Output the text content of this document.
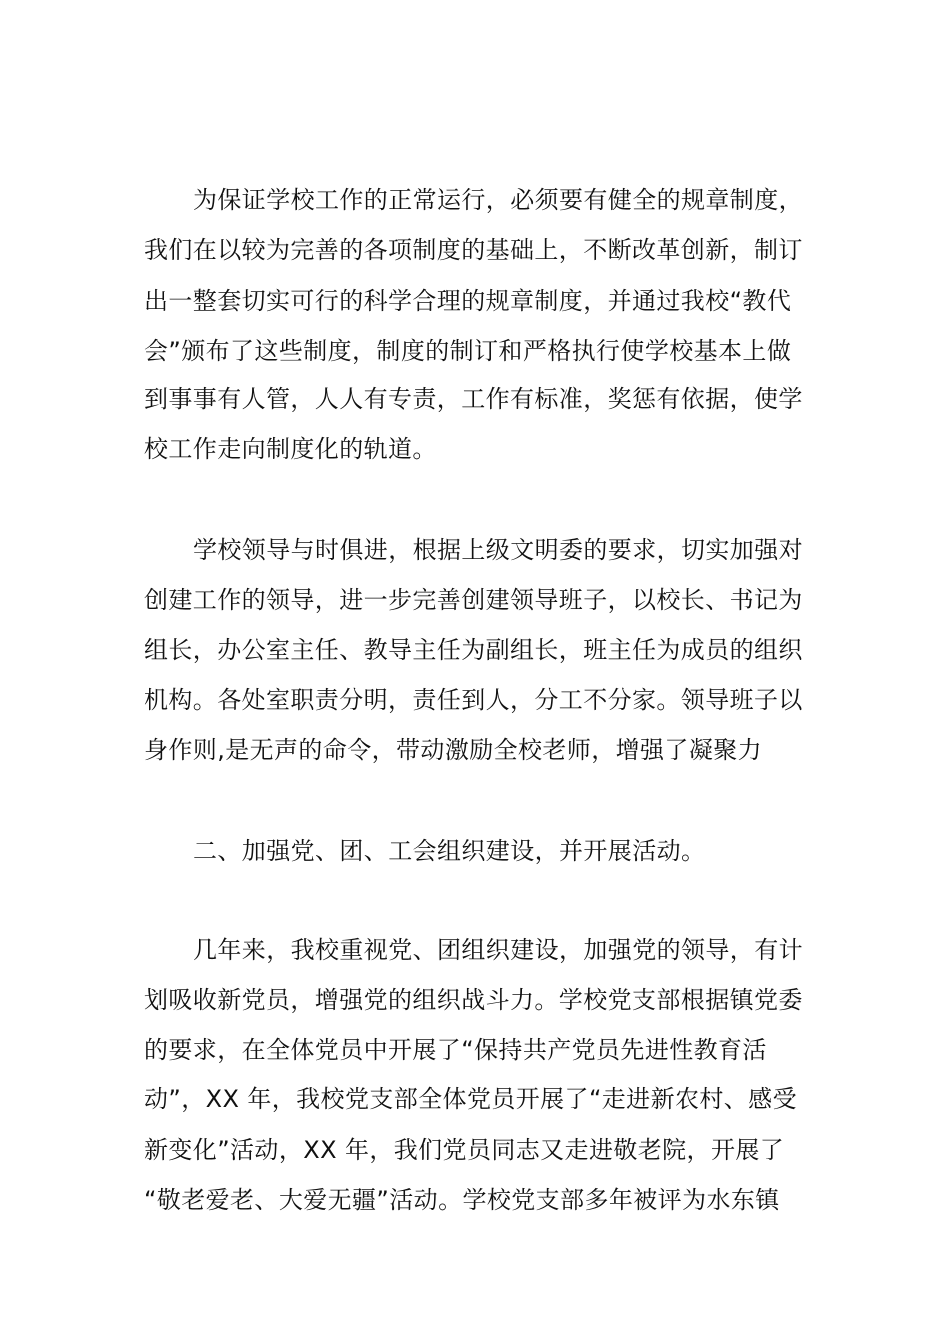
为保证学校工作的正常运行，必须要有健全的规章制度，
我们在以较为完善的各项制度的基础上，不断改革创新，制订
出一整套切实可行的科学合理的规章制度，并通过我校“教代
会”颁布了这些制度，制度的制订和严格执行使学校基本上做
到事事有人管，人人有专责，工作有标准，奖惩有依据，使学
校工作走向制度化的轨道。
学校领导与时俱进，根据上级文明委的要求，切实加强对
创建工作的领导，进一步完善创建领导班子，以校长、书记为
组长，办公室主任、教导主任为副组长，班主任为成员的组织
机构。各处室职责分明，责任到人，分工不分家。领导班子以
身作则,是无声的命令，带动激励全校老师，增强了凝聚力
二、加强党、团、工会组织建设，并开展活动。
几年来，我校重视党、团组织建设，加强党的领导，有计
划吸收新党员，增强党的组织战斗力。学校党支部根据镇党委
的要求，在全体党员中开展了“保持共产党员先进性教育活
动”，XX 年，我校党支部全体党员开展了“走进新农村、感受
新变化”活动，XX 年，我们党员同志又走进敬老院，开展了
“敬老爱老、大爱无疆”活动。学校党支部多年被评为水东镇
